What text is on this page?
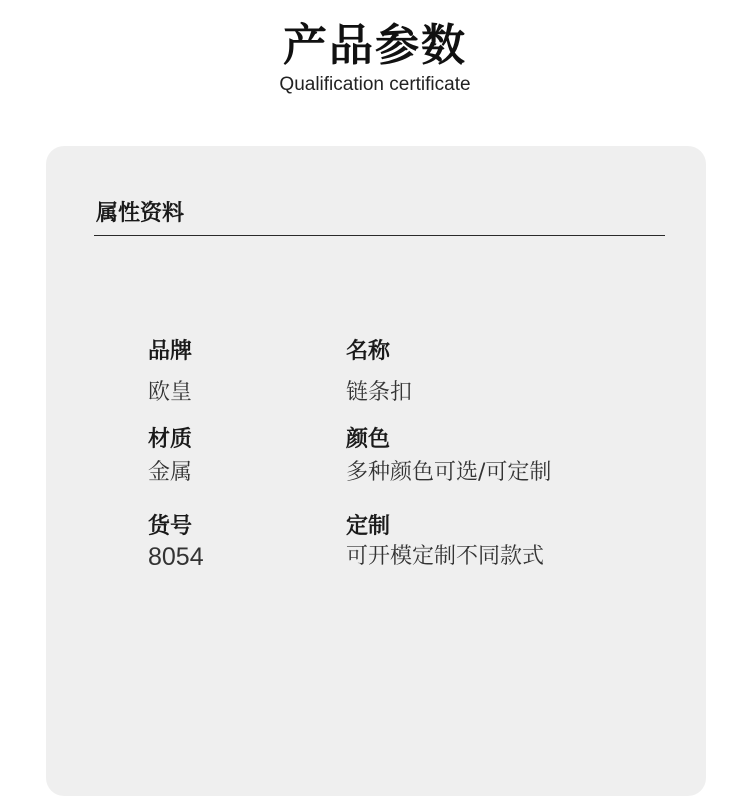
产品参数
Qualification certificate
属性资料
品牌
欧皇
名称
链条扣
材质
金属
颜色
多种颜色可选/可定制
货号
8054
定制
可开模定制不同款式
